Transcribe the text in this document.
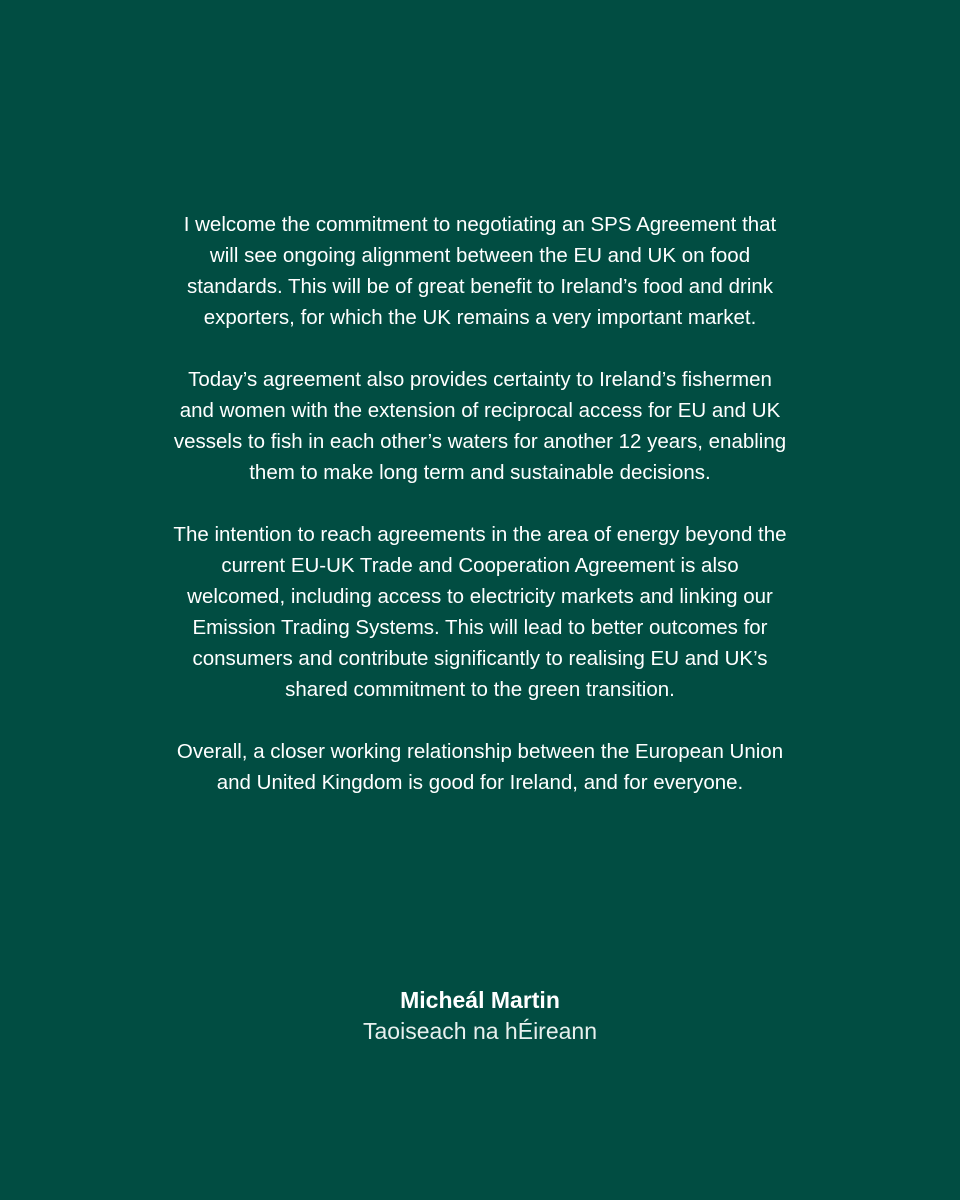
I welcome the commitment to negotiating an SPS Agreement that
will see ongoing alignment between the EU and UK on food
standards. This will be of great benefit to Ireland’s food and drink
exporters, for which the UK remains a very important market.

Today’s agreement also provides certainty to Ireland’s fishermen
and women with the extension of reciprocal access for EU and UK
vessels to fish in each other’s waters for another 12 years, enabling
them to make long term and sustainable decisions.

The intention to reach agreements in the area of energy beyond the
current EU-UK Trade and Cooperation Agreement is also
welcomed, including access to electricity markets and linking our
Emission Trading Systems. This will lead to better outcomes for
consumers and contribute significantly to realising EU and UK’s
shared commitment to the green transition.

Overall, a closer working relationship between the European Union
and United Kingdom is good for Ireland, and for everyone.

Micheál Martin
Taoiseach na hÉireann
